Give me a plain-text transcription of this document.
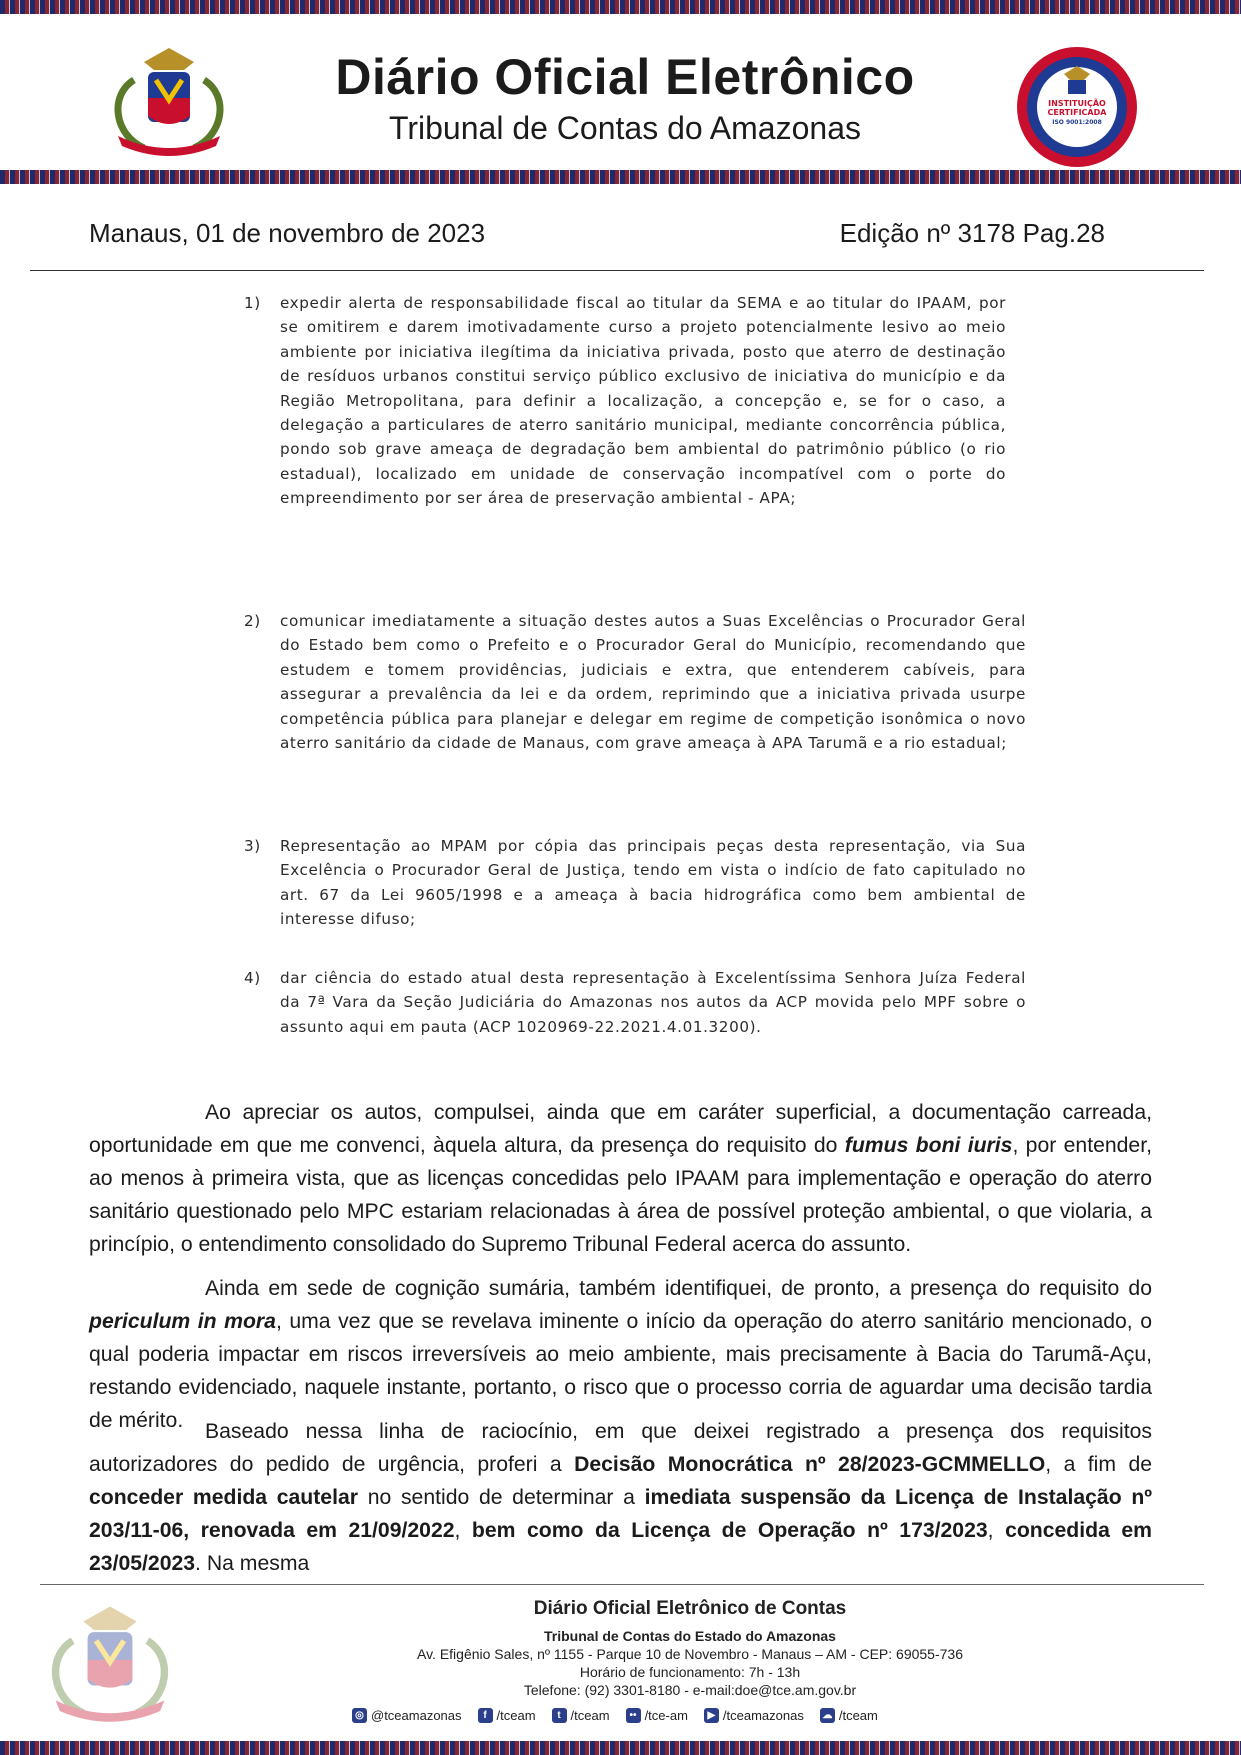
Diário Oficial Eletrônico
Tribunal de Contas do Amazonas
INSTITUIÇÃO
CERTIFICADA
ISO 9001:2008
Manaus, 01 de novembro de 2023	Edição nº 3178 Pag.28

1) expedir alerta de responsabilidade fiscal ao titular da SEMA e ao titular do IPAAM, por se omitirem e darem imotivadamente curso a projeto potencialmente lesivo ao meio ambiente por iniciativa ilegítima da iniciativa privada, posto que aterro de destinação de resíduos urbanos constitui serviço público exclusivo de iniciativa do município e da Região Metropolitana, para definir a localização, a concepção e, se for o caso, a delegação a particulares de aterro sanitário municipal, mediante concorrência pública, pondo sob grave ameaça de degradação bem ambiental do patrimônio público (o rio estadual), localizado em unidade de conservação incompatível com o porte do empreendimento por ser área de preservação ambiental - APA;

2) comunicar imediatamente a situação destes autos a Suas Excelências o Procurador Geral do Estado bem como o Prefeito e o Procurador Geral do Município, recomendando que estudem e tomem providências, judiciais e extra, que entenderem cabíveis, para assegurar a prevalência da lei e da ordem, reprimindo que a iniciativa privada usurpe competência pública para planejar e delegar em regime de competição isonômica o novo aterro sanitário da cidade de Manaus, com grave ameaça à APA Tarumã e a rio estadual;

3) Representação ao MPAM por cópia das principais peças desta representação, via Sua Excelência o Procurador Geral de Justiça, tendo em vista o indício de fato capitulado no art. 67 da Lei 9605/1998 e a ameaça à bacia hidrográfica como bem ambiental de interesse difuso;

4) dar ciência do estado atual desta representação à Excelentíssima Senhora Juíza Federal da 7ª Vara da Seção Judiciária do Amazonas nos autos da ACP movida pelo MPF sobre o assunto aqui em pauta (ACP 1020969-22.2021.4.01.3200).

Ao apreciar os autos, compulsei, ainda que em caráter superficial, a documentação carreada, oportunidade em que me convenci, àquela altura, da presença do requisito do fumus boni iuris, por entender, ao menos à primeira vista, que as licenças concedidas pelo IPAAM para implementação e operação do aterro sanitário questionado pelo MPC estariam relacionadas à área de possível proteção ambiental, o que violaria, a princípio, o entendimento consolidado do Supremo Tribunal Federal acerca do assunto.
Ainda em sede de cognição sumária, também identifiquei, de pronto, a presença do requisito do periculum in mora, uma vez que se revelava iminente o início da operação do aterro sanitário mencionado, o qual poderia impactar em riscos irreversíveis ao meio ambiente, mais precisamente à Bacia do Tarumã-Açu, restando evidenciado, naquele instante, portanto, o risco que o processo corria de aguardar uma decisão tardia de mérito.	Baseado nessa linha de raciocínio, em que deixei registrado a presença dos requisitos autorizadores do pedido de urgência, proferi a Decisão Monocrática nº 28/2023-GCMMELLO, a fim de conceder medida cautelar no sentido de determinar a imediata suspensão da Licença de Instalação nº 203/11-06, renovada em 21/09/2022, bem como da Licença de Operação nº 173/2023, concedida em 23/05/2023. Na mesma
Diário Oficial Eletrônico de Contas
Tribunal de Contas do Estado do Amazonas
Av. Efigênio Sales, nº 1155 - Parque 10 de Novembro - Manaus – AM - CEP: 69055-736
Horário de funcionamento: 7h - 13h
Telefone: (92) 3301-8180 - e-mail:doe@tce.am.gov.br
◎ @tceamazonas	f /tceam	t /tceam	•• /tce-am	▶ /tceamazonas ☁ /tceam
